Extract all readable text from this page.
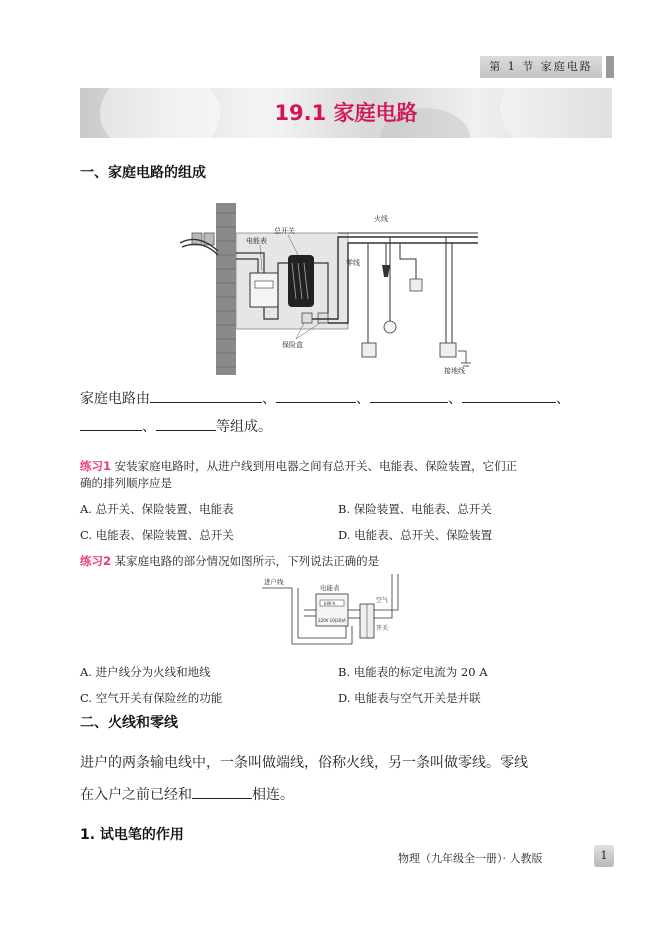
第 1 节 家庭电路
19.1 家庭电路
一、家庭电路的组成
电能表
总开关
火线
零线
保险盒
接地线
家庭电路由	、	、	、	、
、	等组成。
练习1 安装家庭电路时，从进户线到用电器之间有总开关、电能表、保险装置，它们正
确的排列顺序应是
A. 总开关、保险装置、电能表	B. 保险装置、电能表、总开关
C. 电能表、保险装置、总开关	D. 电能表、总开关、保险装置
练习2 某家庭电路的部分情况如图所示，下列说法正确的是
进户线
电能表
kW·h
220V 10(20)A
空气
开关
A. 进户线分为火线和地线	B. 电能表的标定电流为 20 A
C. 空气开关有保险丝的功能	D. 电能表与空气开关是并联
二、火线和零线
进户的两条输电线中，一条叫做端线，俗称火线，另一条叫做零线。零线
在入户之前已经和	相连。
1. 试电笔的作用
物理（九年级全一册）· 人教版	1
